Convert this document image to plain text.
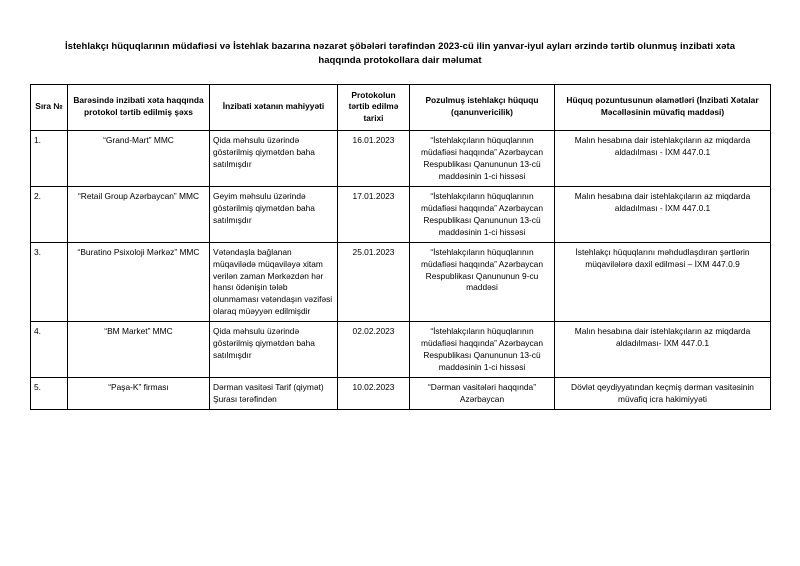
İstehlakçı hüquqlarının müdafiəsi və İstehlak bazarına nəzarət şöbələri tərəfindən 2023-cü ilin yanvar-iyul ayları ərzində tərtib olunmuş inzibati xəta haqqında protokollara dair məlumat
Sıra №	Barəsində inzibati xəta haqqında protokol tərtib edilmiş şəxs	İnzibati xətanın mahiyyəti	Protokolun tərtib edilmə tarixi	Pozulmuş istehlakçı hüququ (qanunvericilik)	Hüquq pozuntusunun əlamətləri (İnzibati Xətalar Məcəlləsinin müvafiq maddəsi)
1.	“Grand-Mart” MMC	Qida məhsulu üzərində göstərilmiş qiymətdən baha satılmışdır	16.01.2023	“İstehlakçıların hüquqlarının müdafiəsi haqqında” Azərbaycan Respublikası Qanununun 13-cü maddəsinin 1-ci hissəsi	Malın hesabına dair istehlakçıların az miqdarda aldadılması - İXM 447.0.1
2.	“Retail Group Azərbaycan” MMC	Geyim məhsulu üzərində göstərilmiş qiymətdən baha satılmışdır	17.01.2023	“İstehlakçıların hüquqlarının müdafiəsi haqqında” Azərbaycan Respublikası Qanununun 13-cü maddəsinin 1-ci hissəsi	Malın hesabına dair istehlakçıların az miqdarda aldadılması - İXM 447.0.1
3.	“Buratino Psixoloji Mərkəz” MMC	Vətəndaşla bağlanan müqavilədə müqaviləyə xitam verilən zaman Mərkəzdən hər hansı ödənişin tələb olunmaması vətəndaşın vəzifəsi olaraq müəyyən edilmişdir	25.01.2023	“İstehlakçıların hüquqlarının müdafiəsi haqqında” Azərbaycan Respublikası Qanununun 9-cu maddəsi	İstehlakçı hüquqlarını məhdudlaşdıran şərtlərin müqavilələrə daxil edilməsi – İXM 447.0.9
4.	“BM Market” MMC	Qida məhsulu üzərində göstərilmiş qiymətdən baha satılmışdır	02.02.2023	“İstehlakçıların hüquqlarının müdafiəsi haqqında” Azərbaycan Respublikası Qanununun 13-cü maddəsinin 1-ci hissəsi	Malın hesabına dair istehlakçıların az miqdarda aldadılması- İXM 447.0.1
5.	“Paşa-K” firması	Dərman vasitəsi Tarif (qiymət) Şurası tərəfindən	10.02.2023	“Dərman vasitələri haqqında” Azərbaycan	Dövlət qeydiyyatından keçmiş dərman vasitəsinin müvafiq icra hakimiyyəti
